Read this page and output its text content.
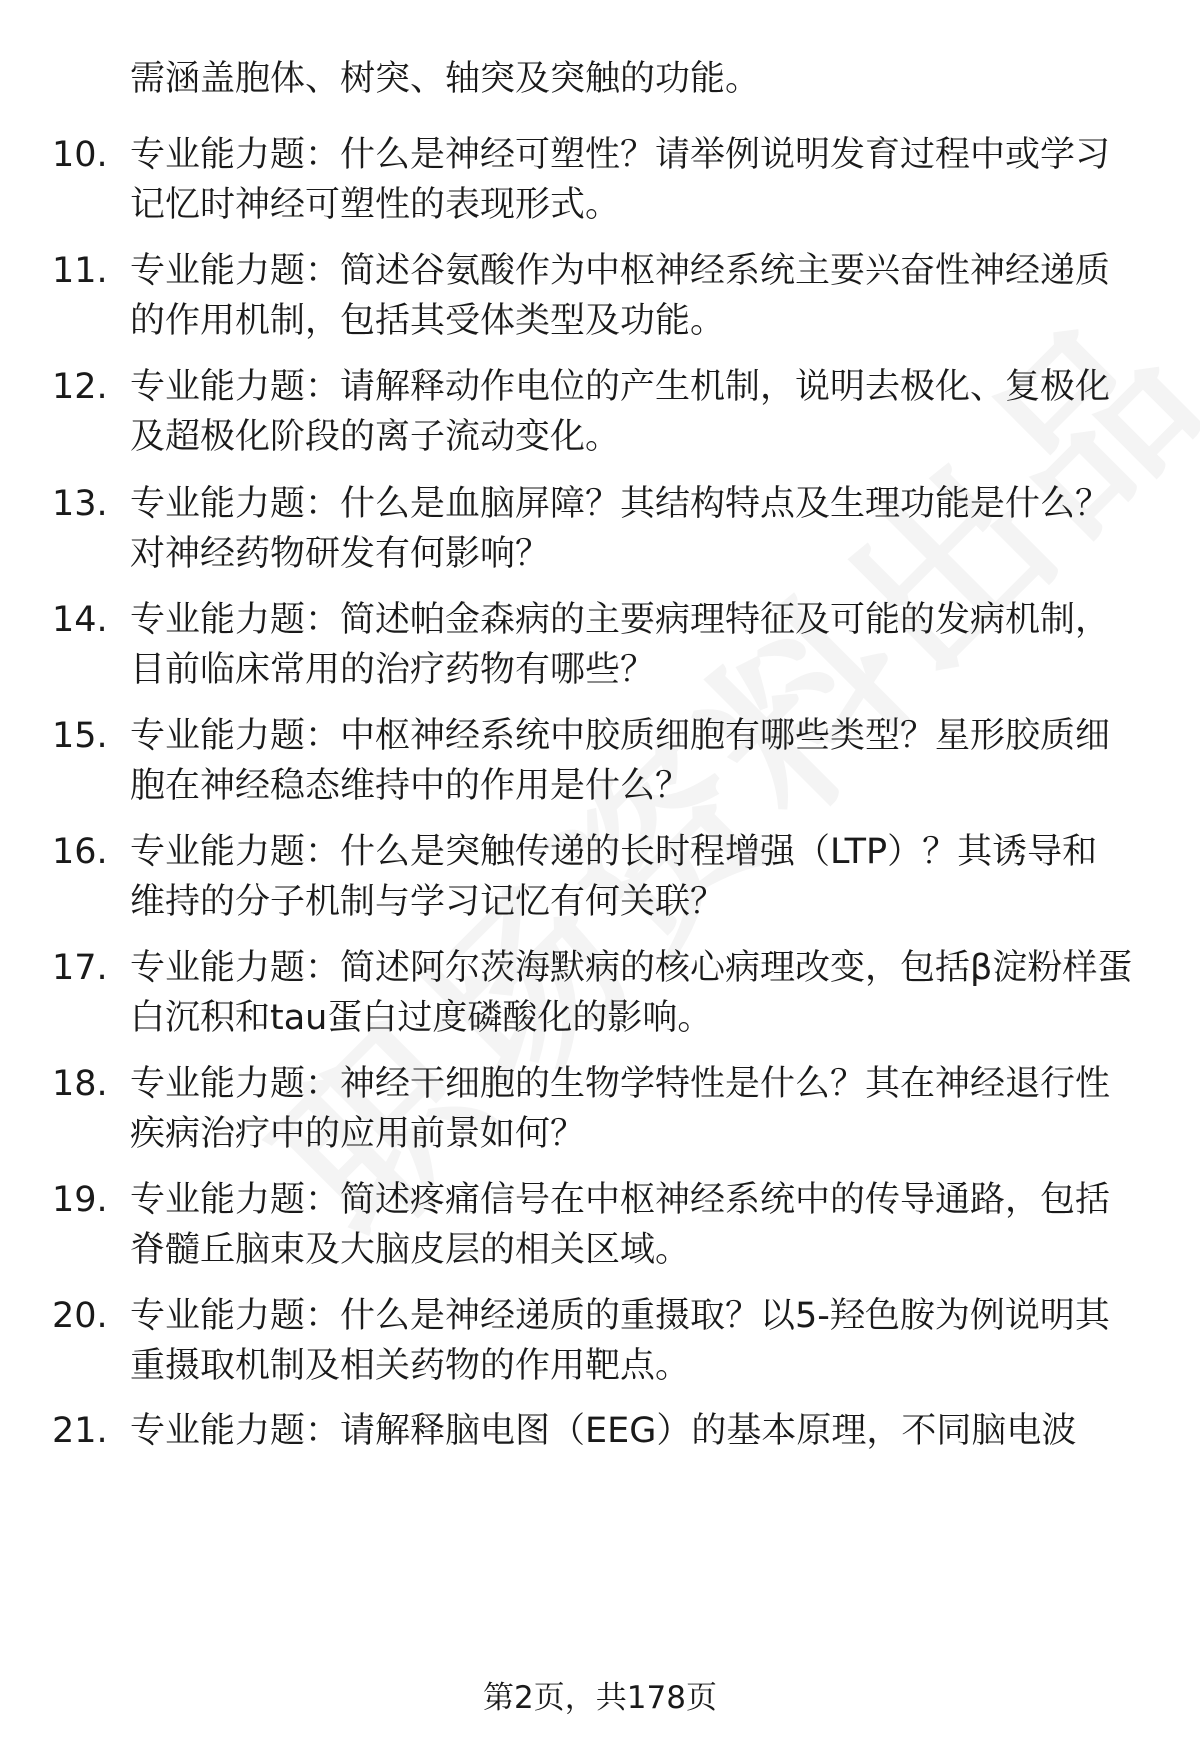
需涵盖胞体、树突、轴突及突触的功能。
10. 专业能力题：什么是神经可塑性？请举例说明发育过程中或学习
记忆时神经可塑性的表现形式。
11. 专业能力题：简述谷氨酸作为中枢神经系统主要兴奋性神经递质
的作用机制，包括其受体类型及功能。
12. 专业能力题：请解释动作电位的产生机制，说明去极化、复极化
及超极化阶段的离子流动变化。
13. 专业能力题：什么是血脑屏障？其结构特点及生理功能是什么？
对神经药物研发有何影响？
14. 专业能力题：简述帕金森病的主要病理特征及可能的发病机制，
目前临床常用的治疗药物有哪些？
15. 专业能力题：中枢神经系统中胶质细胞有哪些类型？星形胶质细
胞在神经稳态维持中的作用是什么？
16. 专业能力题：什么是突触传递的长时程增强（LTP）？其诱导和
维持的分子机制与学习记忆有何关联？
17. 专业能力题：简述阿尔茨海默病的核心病理改变，包括β淀粉样蛋
白沉积和tau蛋白过度磷酸化的影响。
18. 专业能力题：神经干细胞的生物学特性是什么？其在神经退行性
疾病治疗中的应用前景如何？
19. 专业能力题：简述疼痛信号在中枢神经系统中的传导通路，包括
脊髓丘脑束及大脑皮层的相关区域。
20. 专业能力题：什么是神经递质的重摄取？以5-羟色胺为例说明其
重摄取机制及相关药物的作用靶点。
21. 专业能力题：请解释脑电图（EEG）的基本原理，不同脑电波
第2页，共178页
